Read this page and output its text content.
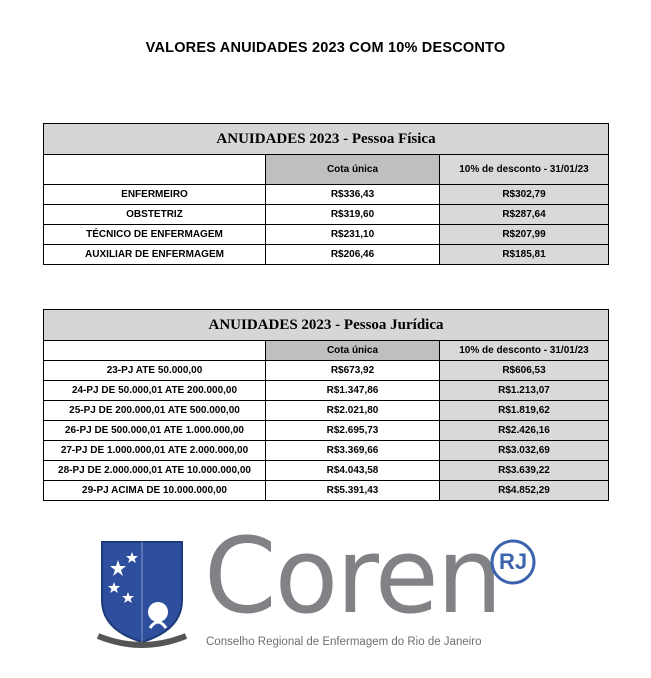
VALORES ANUIDADES 2023 COM 10% DESCONTO
ANUIDADES 2023 - Pessoa Física		
	Cota única	10% de desconto - 31/01/23
ENFERMEIRO	R$336,43	R$302,79
OBSTETRIZ	R$319,60	R$287,64
TÉCNICO DE ENFERMAGEM	R$231,10	R$207,99
AUXILIAR DE ENFERMAGEM	R$206,46	R$185,81
ANUIDADES 2023 - Pessoa Jurídica		
	Cota única	10% de desconto - 31/01/23
23-PJ ATE 50.000,00	R$673,92	R$606,53
24-PJ DE 50.000,01 ATE 200.000,00	R$1.347,86	R$1.213,07
25-PJ DE 200.000,01 ATE 500.000,00	R$2.021,80	R$1.819,62
26-PJ DE 500.000,01 ATE 1.000.000,00	R$2.695,73	R$2.426,16
27-PJ DE 1.000.000,01 ATE 2.000.000,00	R$3.369,66	R$3.032,69
28-PJ DE 2.000.000,01 ATE 10.000.000,00	R$4.043,58	R$3.639,22
29-PJ ACIMA DE 10.000.000,00	R$5.391,43	R$4.852,29
Coren
RJ
Conselho Regional de Enfermagem do Rio de Janeiro
